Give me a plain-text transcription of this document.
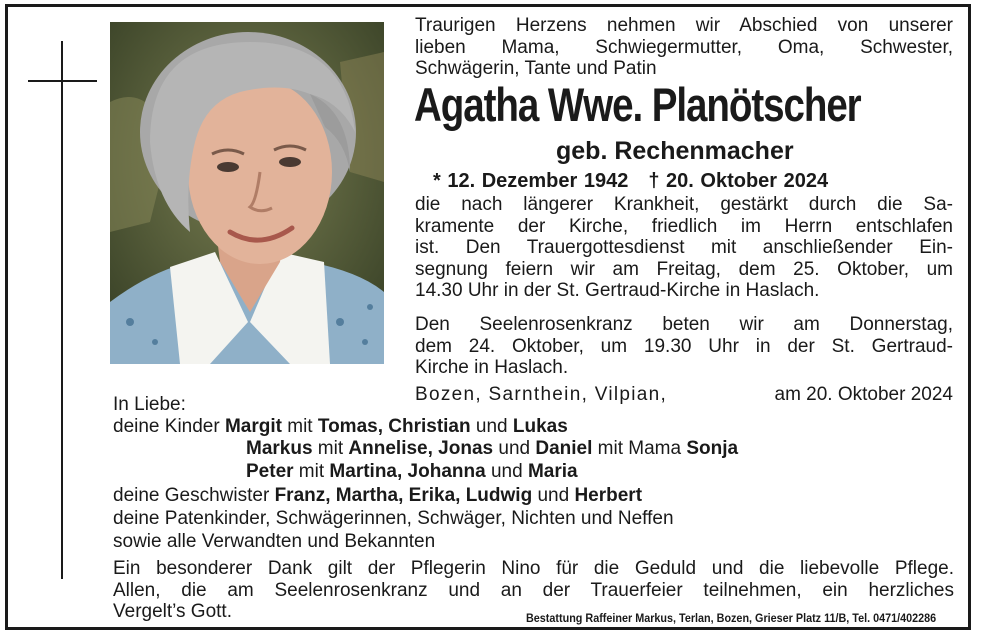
Traurigen Herzens nehmen wir Abschied von unserer
lieben Mama, Schwiegermutter, Oma, Schwester,
Schwägerin, Tante und Patin
Agatha Wwe. Planötscher
geb. Rechenmacher
* 12. Dezember 1942 † 20. Oktober 2024
die nach längerer Krankheit, gestärkt durch die Sa-
kramente der Kirche, friedlich im Herrn entschlafen
ist. Den Trauergottesdienst mit anschließender Ein-
segnung feiern wir am Freitag, dem 25. Oktober, um
14.30 Uhr in der St. Gertraud-Kirche in Haslach.
Den Seelenrosenkranz beten wir am Donnerstag,
dem 24. Oktober, um 19.30 Uhr in der St. Gertraud-
Kirche in Haslach.
Bozen, Sarnthein, Vilpian,	am 20. Oktober 2024
In Liebe:
deine Kinder Margit mit Tomas, Christian und Lukas
Markus mit Annelise, Jonas und Daniel mit Mama Sonja
Peter mit Martina, Johanna und Maria
deine Geschwister Franz, Martha, Erika, Ludwig und Herbert
deine Patenkinder, Schwägerinnen, Schwäger, Nichten und Neffen
sowie alle Verwandten und Bekannten
Ein besonderer Dank gilt der Pflegerin Nino für die Geduld und die liebevolle Pflege.
Allen, die am Seelenrosenkranz und an der Trauerfeier teilnehmen, ein herzliches
Vergelt’s Gott.	Bestattung Raffeiner Markus, Terlan, Bozen, Grieser Platz 11/B, Tel. 0471/402286
